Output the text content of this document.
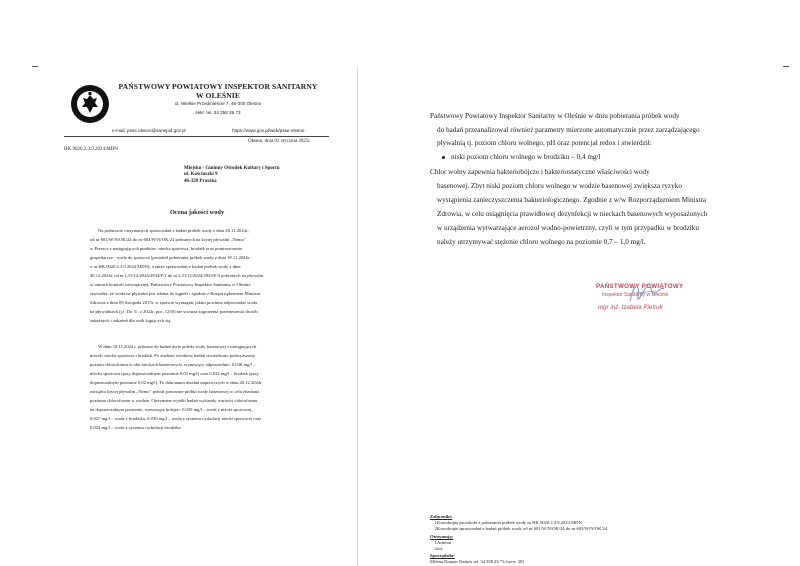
PAŃSTWOWY POWIATOWY INSPEKTOR SANITARNY
W OLEŚNIE
ul. Wielkie Przedmieście 7, 46-300 Olesno
sekr. tel. 34 358 26 73
e-mail: psse.olesno@sanepid.gov.pl	https://www.gov.pl/web/psse-olesno
Olesno, dnia 02 stycznia 2025r.
HK.9020.2.3.9.2024.MDN
Miejsko - Gminny Ośrodek Kultury i Sportu
ul. Kościuszki 9
46-320 Praszka
Ocena jakości wody
Na podstawie otrzymanych sprawozdań z badań próbek wody z dnia 28.11.2024r.,
od nr 601/W/N/OK/24 do nr 603/W/N/OK/24 pobranych na krytej pływalni „Nemo"
w Praszce z następujących punktów: niecka sportowa, brodzik oraz pomieszczenie
gospodarcze - woda do spożycia (protokół pobierania próbek wody z dnia 18.11.2024r.
o nr HK.9020.2.3.9.2024.MDN), a także sprawozdań z badań próbek wody z dnia
30.12.2024r. od nr L/O/12/2024/2934/F/1 do nr L/O/12/2024/2934/F/4 pobranych na pływalni
w ramach kontroli wewnętrznej, Państwowy Powiatowy Inspektor Sanitarny w Oleśnie
stwierdza, że woda na pływalni jest zdatna do kąpieli i zgodnie z Rozporządzeniem Ministra
Zdrowia z dnia 09 listopada 2015r. w sprawie wymagań, jakim powinna odpowiadać woda
na pływalniach (j.t. Dz. U. z 2022r. poz. 1230) nie stwarza zagrożenia przeniesienia chorób
zakaźnych i zakażeń dla osób kąpiących się.
W dniu 18.11.2024 r. pobrano do badań dwie próbki wody basenowej z następujących
niecek: niecka sportowa i brodzik. Po analizie wyników badań stwierdzono podwyższony
poziom chloroformu w obu nieckach basenowych, wynoszący odpowiednio: 0,038 mg/l –
niecka sportowa (przy dopuszczalnym poziomie 0,03 mg/l) oraz 0,032 mg/l – brodzik (przy
dopuszczalnym poziomie 0,02 mg/l). Po dokonaniu działań naprawczych w dniu 20.12.2024r.
zarządca krytej pływalni „Nemo" pobrał ponownie próbki wody basenowej w celu zbadania
poziomu chloroformu w wodzie. Otrzymane wyniki badań wykazały wartości chloroformu
na dopuszczalnym poziomie, wynoszące kolejno: 0,029 mg/l – woda z niecki sportowej,
0,027 mg/l – woda z brodzika, 0,030 mg/l – woda z systemu cyrkulacji niecki sportowej oraz
0,024 mg/l – woda z systemu cyrkulacji brodzika.
Państwowy Powiatowy Inspektor Sanitarny w Oleśnie w dniu pobierania próbek wody
do badań przeanalizował również parametry mierzone automatycznie przez zarządzającego
pływalnią tj. poziom chloru wolnego, pH oraz potencjał redox i stwierdził:
niski poziom chloru wolnego w brodziku – 0,4 mg/l
Chlor wolny zapewnia bakteriobójcze i bakteriostatyczne właściwości wody
basenowej. Zbyt niski poziom chloru wolnego w wodzie basenowej zwiększa ryzyko
wystąpienia zanieczyszczenia bakteriologicznego. Zgodnie z w/w Rozporządzeniem Ministra
Zdrowia, w celu osiągnięcia prawidłowej dezynfekcji w nieckach basenowych wyposażonych
w urządzenia wytwarzające aerozol wodno-powietrzny, czyli w tym przypadku w brodziku
należy utrzymywać stężenie chloru wolnego na poziomie 0,7 – 1,0 mg/l.
PAŃSTWOWY POWIATOWY
Inspektor Sanitarny w Oleśnie
mgr inż. Izabela Pietruk
Załączniki:
1. Kserokopia protokołu z pobierania próbek wody nr HK.9020.2.3.9.2024.MDN
2. Kserokopie sprawozdań z badań próbek wody od nr 601/W/N/OK/24 do nr 603/W/N/OK/24
Otrzymują:
1. Adresat
2. a/a
Sporządziła:
Milena Doman Nadzór tel. 34 358 26 73 (wew. 28)
